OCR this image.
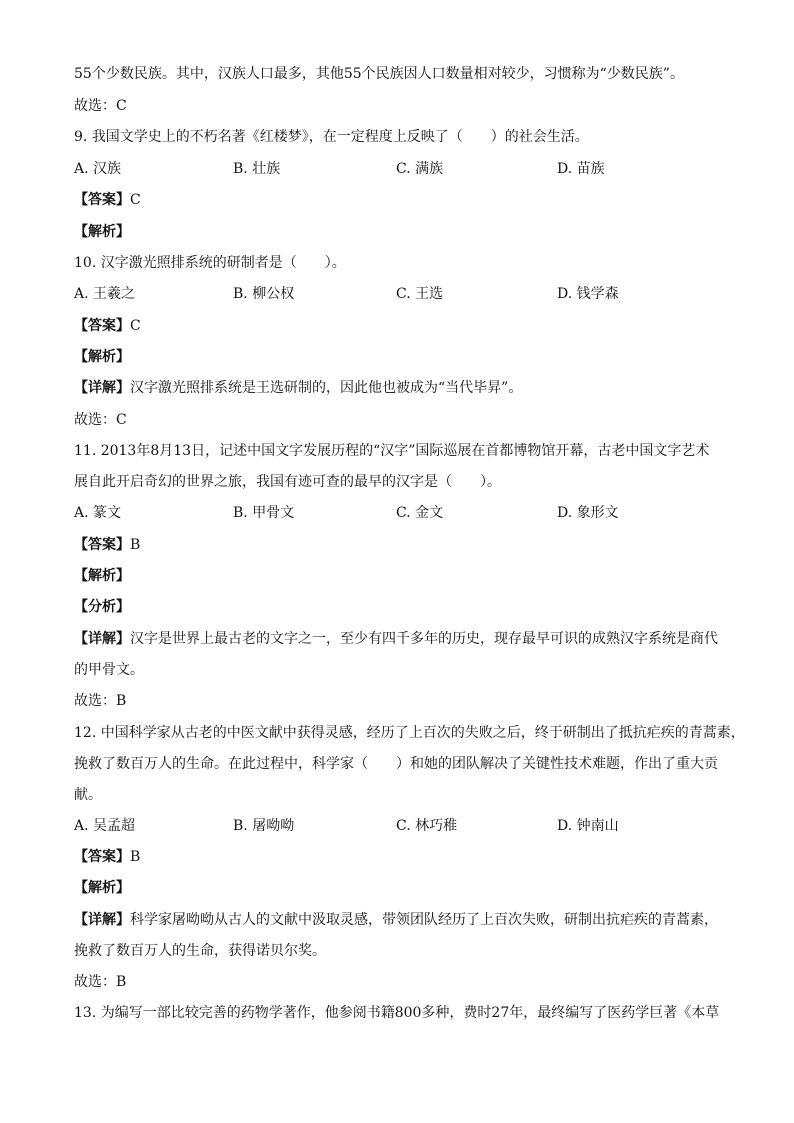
55个少数民族。其中，汉族人口最多，其他55个民族因人口数量相对较少，习惯称为“少数民族”。
故选：C
9. 我国文学史上的不朽名著《红楼梦》，在一定程度上反映了（　　）的社会生活。
A. 汉族	B. 壮族	C. 满族	D. 苗族
【答案】C
【解析】
10. 汉字激光照排系统的研制者是（　　）。
A. 王羲之	B. 柳公权	C. 王选	D. 钱学森
【答案】C
【解析】
【详解】汉字激光照排系统是王选研制的，因此他也被成为“当代毕昇”。
故选：C
11. 2013年8月13日，记述中国文字发展历程的“汉字”国际巡展在首都博物馆开幕，古老中国文字艺术
展自此开启奇幻的世界之旅，我国有迹可查的最早的汉字是（　　）。
A. 篆文	B. 甲骨文	C. 金文	D. 象形文
【答案】B
【解析】
【分析】
【详解】汉字是世界上最古老的文字之一，至少有四千多年的历史，现存最早可识的成熟汉字系统是商代
的甲骨文。
故选：B
12. 中国科学家从古老的中医文献中获得灵感，经历了上百次的失败之后，终于研制出了抵抗疟疾的青蒿素，
挽救了数百万人的生命。在此过程中，科学家（　　）和她的团队解决了关键性技术难题，作出了重大贡
献。
A. 吴孟超	B. 屠呦呦	C. 林巧稚	D. 钟南山
【答案】B
【解析】
【详解】科学家屠呦呦从古人的文献中汲取灵感，带领团队经历了上百次失败，研制出抗疟疾的青蒿素，
挽救了数百万人的生命，获得诺贝尔奖。
故选：B
13. 为编写一部比较完善的药物学著作，他参阅书籍800多种，费时27年，最终编写了医药学巨著《本草
